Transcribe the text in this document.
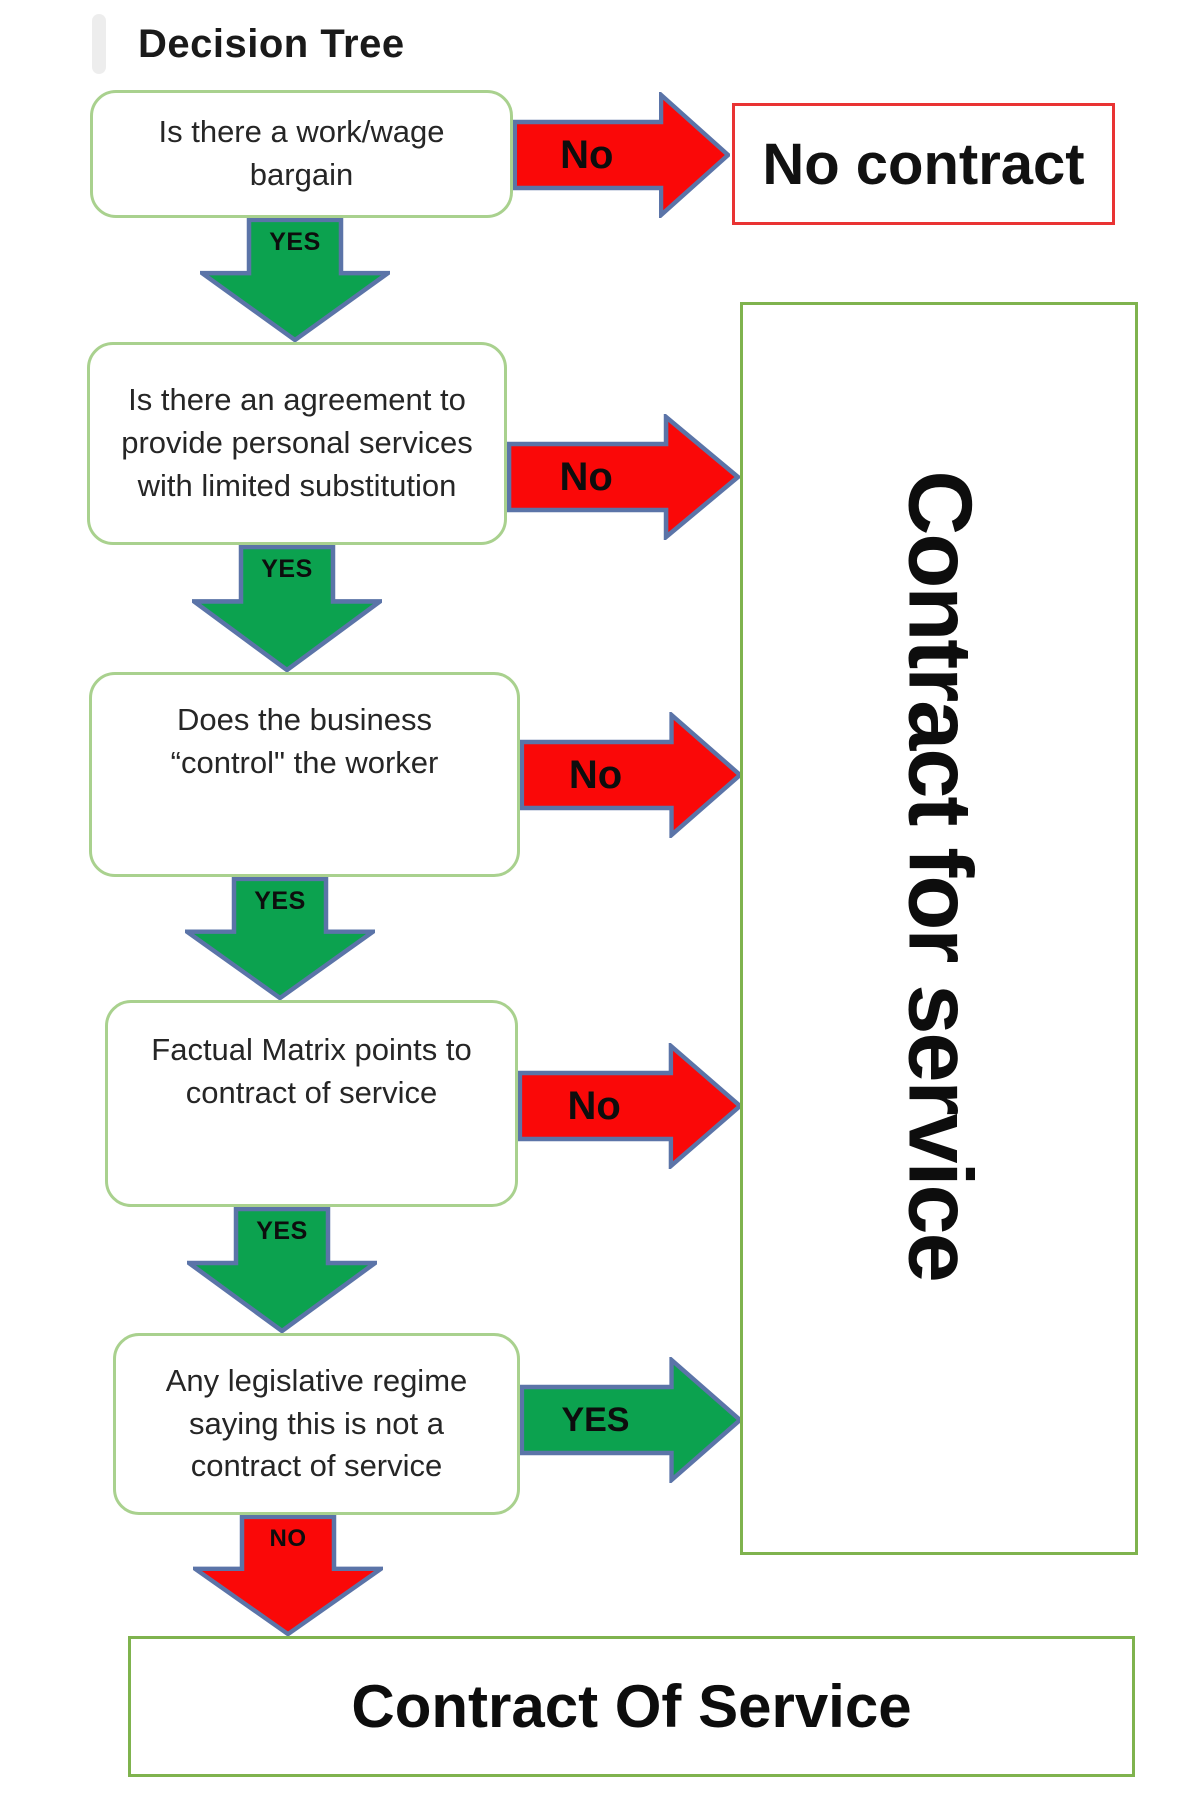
Decision Tree
Is there a work/wage bargain	No	No contract
YES
Is there an agreement to provide personal services with limited substitution	No
YES
Does the business “control" the worker	No
YES
Factual Matrix points to contract of service	No
YES
Any legislative regime saying this is not a contract of service
YES
NO
Contract for service
Contract Of Service
